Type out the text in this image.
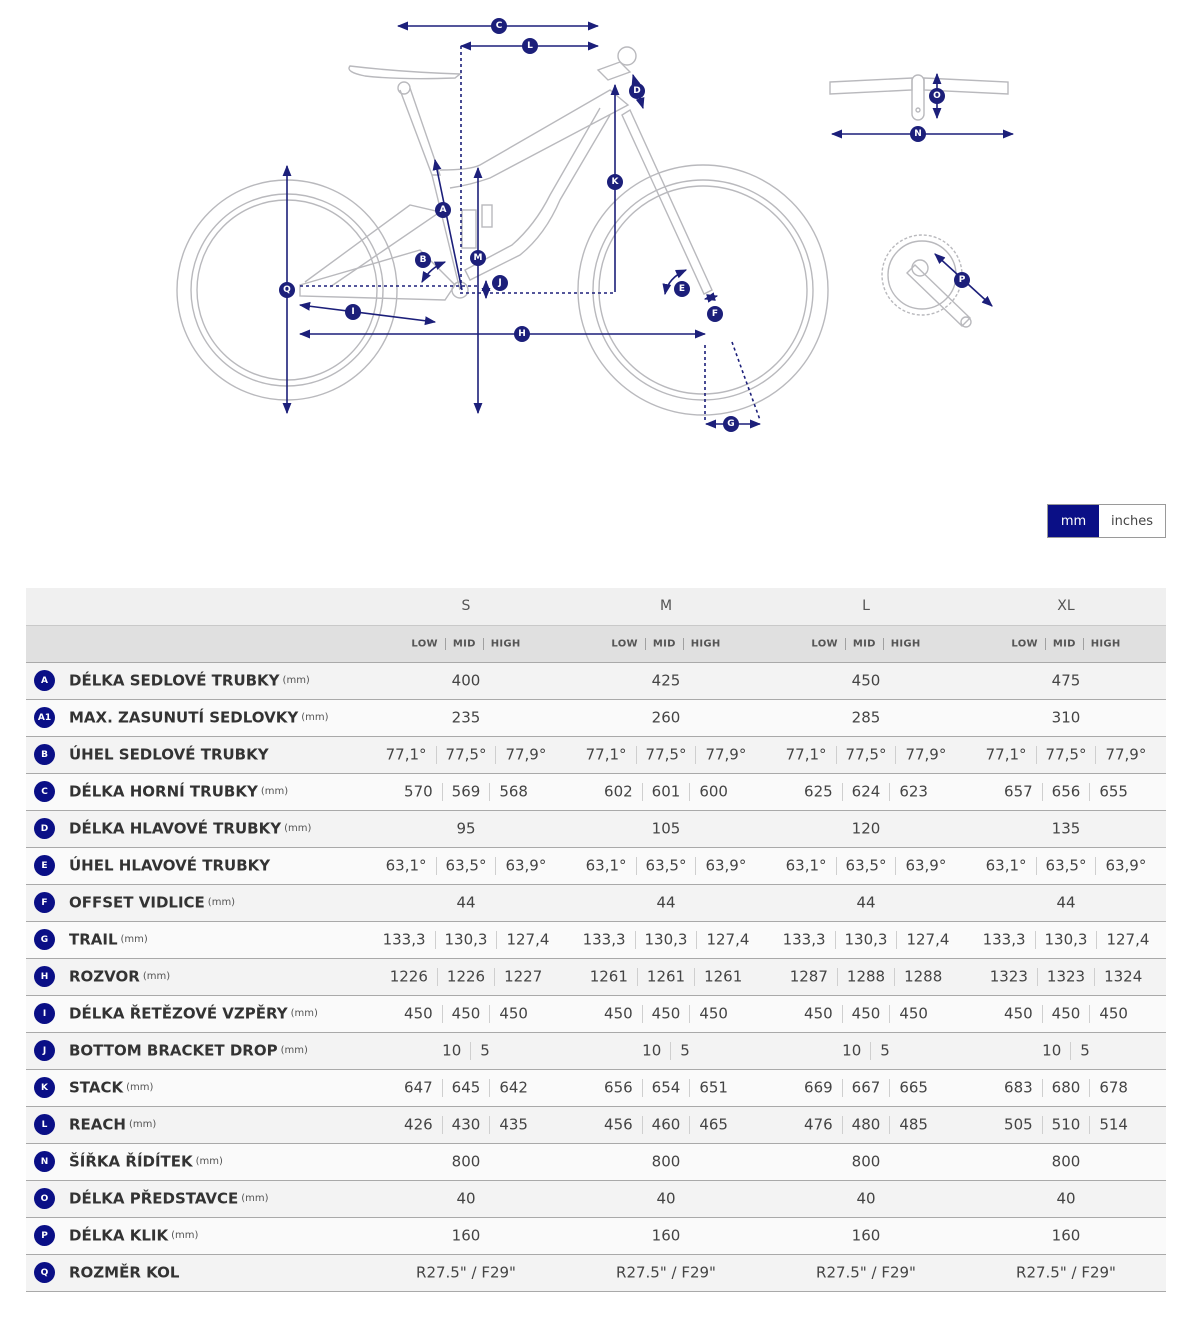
C
L
D
K
A
B	M
J
Q
I
H
E
F
G
O
N
P
mm	inches
	S	M	L	XL
	LOW MID HIGH	LOW MID HIGH	LOW MID HIGH	LOW MID HIGH
A DÉLKA SEDLOVÉ TRUBKY (mm)	400	425	450	475
A1 MAX. ZASUNUTÍ SEDLOVKY (mm)	235	260	285	310
B ÚHEL SEDLOVÉ TRUBKY	77,1° 77,5° 77,9°	77,1° 77,5° 77,9°	77,1° 77,5° 77,9°	77,1° 77,5° 77,9°
C DÉLKA HORNÍ TRUBKY (mm)	570 569 568	602 601 600	625 624 623	657 656 655
D DÉLKA HLAVOVÉ TRUBKY (mm)	95	105	120	135
E ÚHEL HLAVOVÉ TRUBKY	63,1° 63,5° 63,9°	63,1° 63,5° 63,9°	63,1° 63,5° 63,9°	63,1° 63,5° 63,9°
F OFFSET VIDLICE (mm)	44	44	44	44
G TRAIL (mm)	133,3 130,3 127,4	133,3 130,3 127,4	133,3 130,3 127,4	133,3 130,3 127,4
H ROZVOR (mm)	1226 1226 1227	1261 1261 1261	1287 1288 1288	1323 1323 1324
I DÉLKA ŘETĚZOVÉ VZPĚRY (mm)	450 450 450	450 450 450	450 450 450	450 450 450
J BOTTOM BRACKET DROP (mm)	10 5	10 5	10 5	10 5
K STACK (mm)	647 645 642	656 654 651	669 667 665	683 680 678
L REACH (mm)	426 430 435	456 460 465	476 480 485	505 510 514
N ŠÍŘKA ŘÍDÍTEK (mm)	800	800	800	800
O DÉLKA PŘEDSTAVCE (mm)	40	40	40	40
P DÉLKA KLIK (mm)	160	160	160	160
Q ROZMĚR KOL	R27.5" / F29"	R27.5" / F29"	R27.5" / F29"	R27.5" / F29"
